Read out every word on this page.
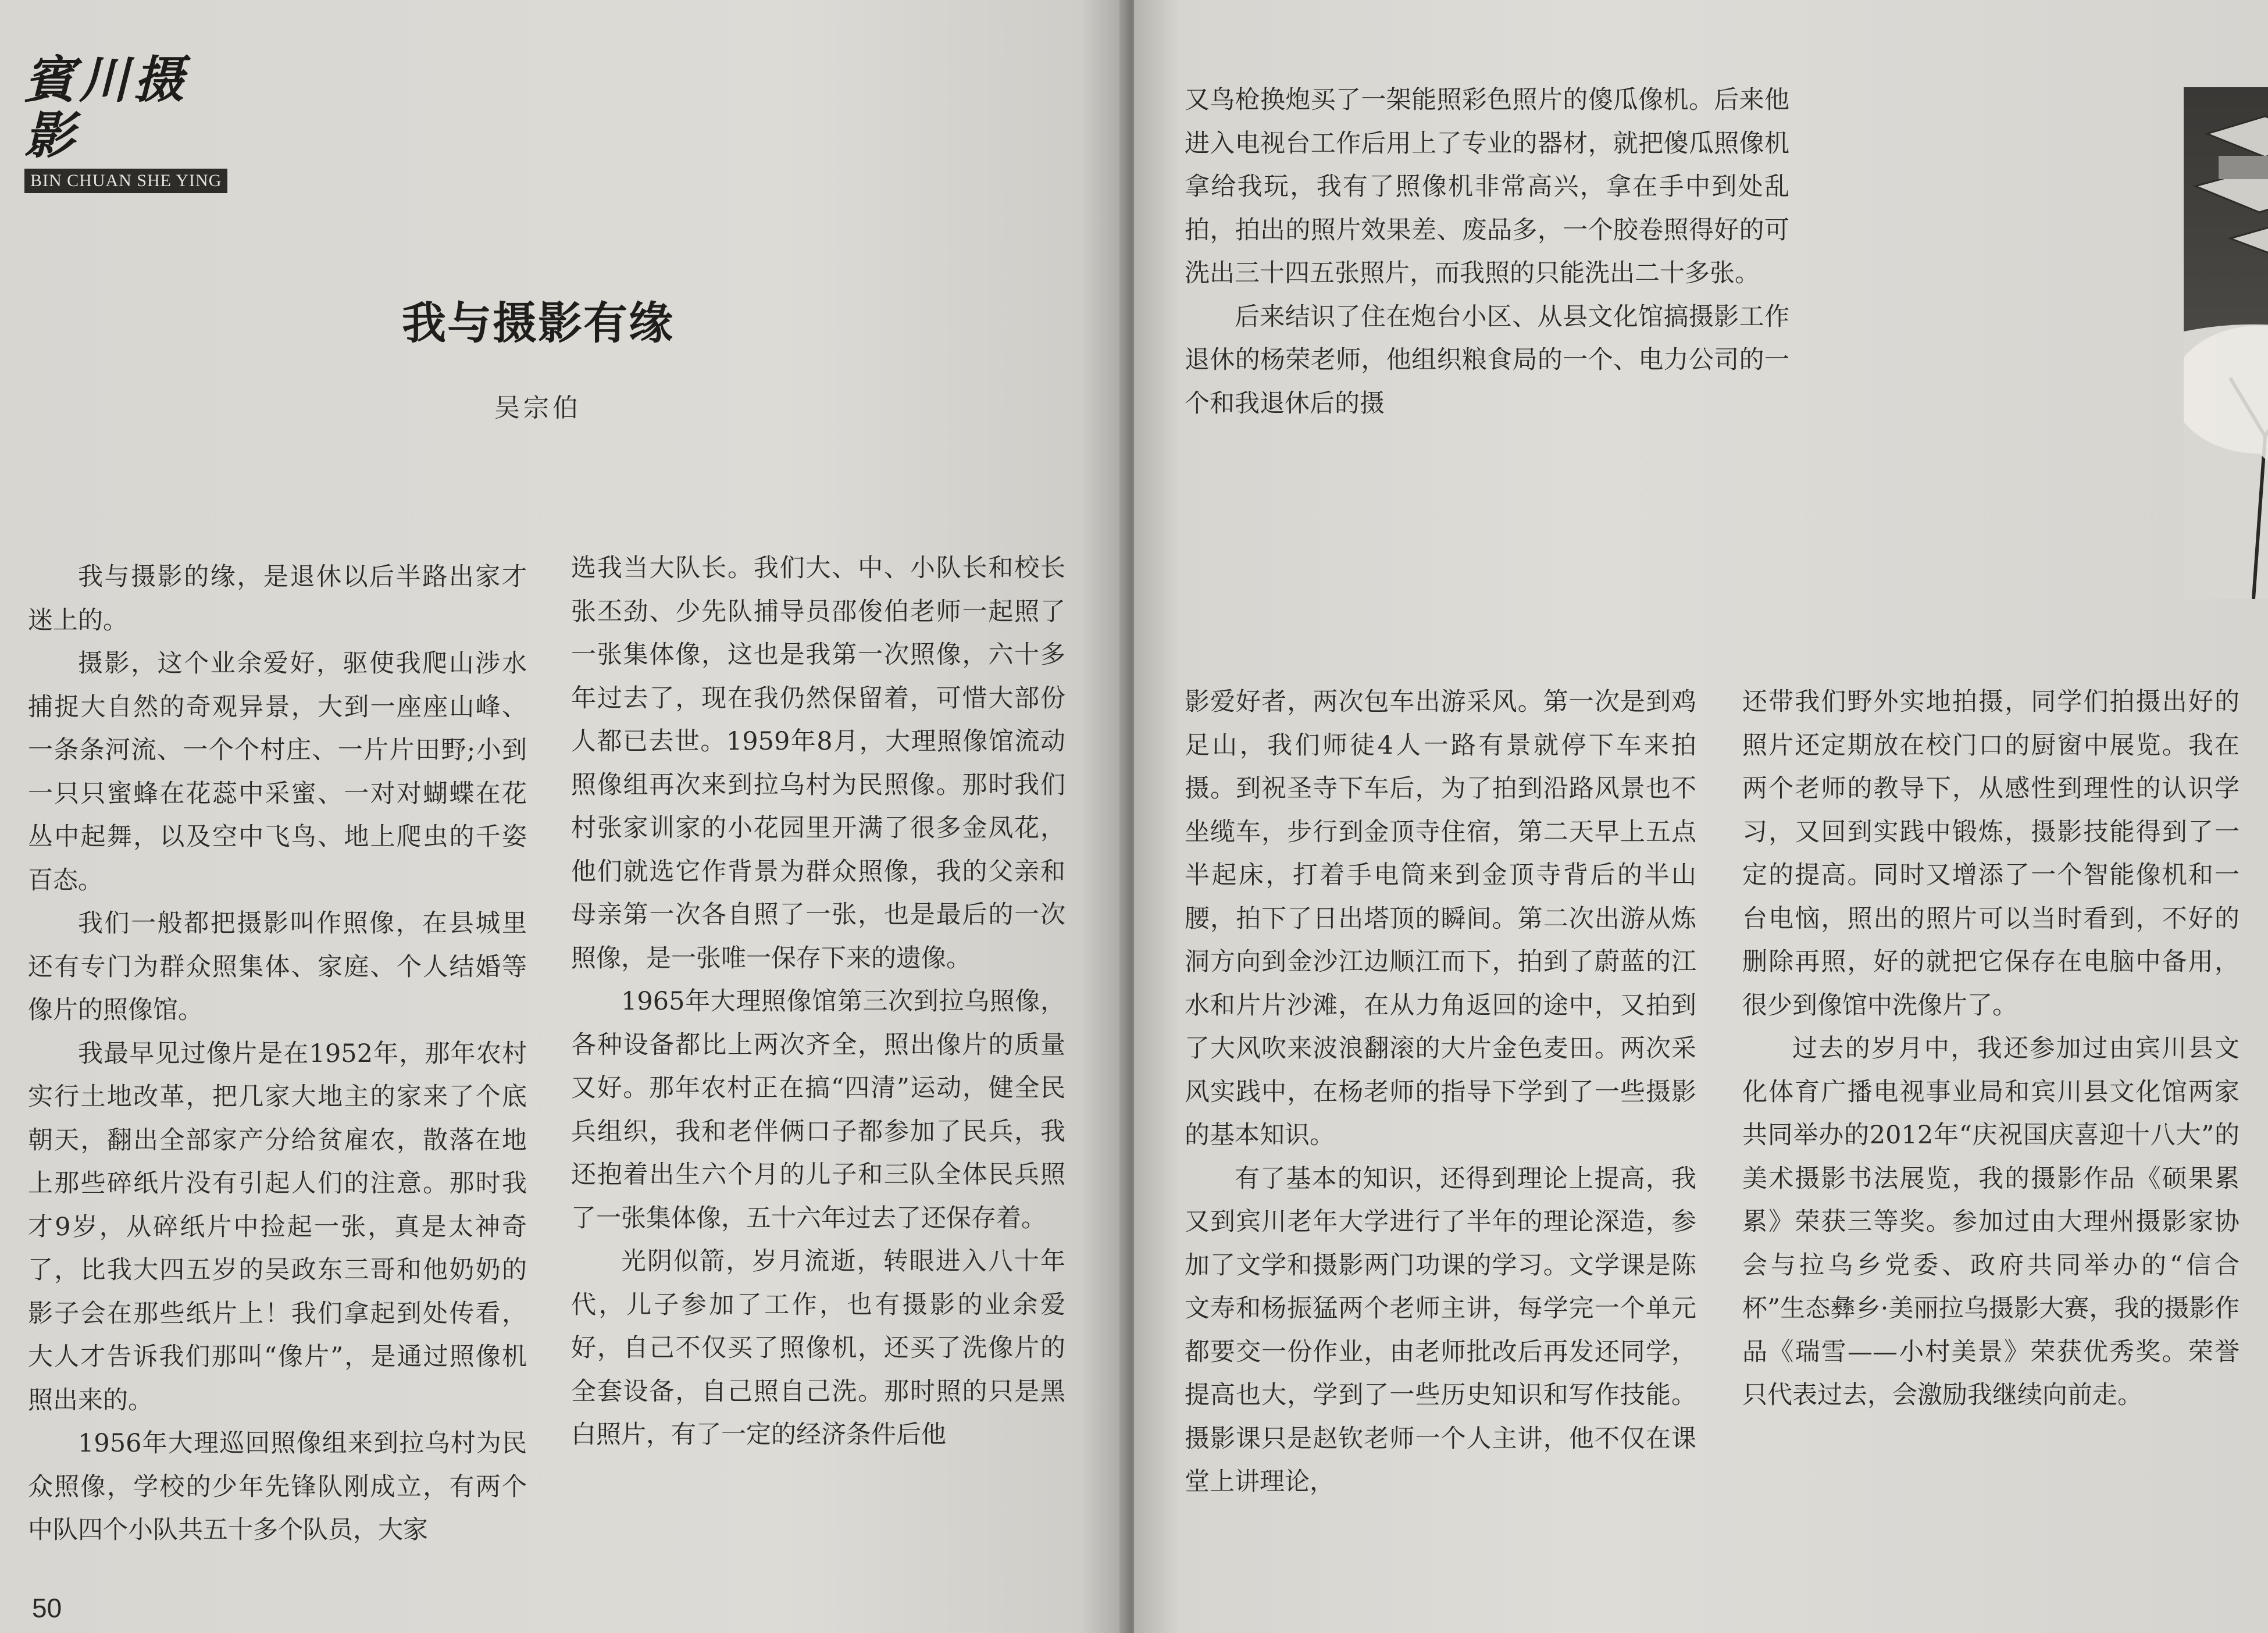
賓川摄影
BIN CHUAN SHE YING
我与摄影有缘
吴宗伯

我与摄影的缘，是退休以后半路出家才迷上的。

摄影，这个业余爱好，驱使我爬山涉水捕捉大自然的奇观异景，大到一座座山峰、一条条河流、一个个村庄、一片片田野;小到一只只蜜蜂在花蕊中采蜜、一对对蝴蝶在花丛中起舞，以及空中飞鸟、地上爬虫的千姿百态。

我们一般都把摄影叫作照像，在县城里还有专门为群众照集体、家庭、个人结婚等像片的照像馆。

我最早见过像片是在1952年，那年农村实行土地改革，把几家大地主的家来了个底朝天，翻出全部家产分给贫雇农，散落在地上那些碎纸片没有引起人们的注意。那时我才9岁，从碎纸片中捡起一张，真是太神奇了，比我大四五岁的吴政东三哥和他奶奶的影子会在那些纸片上！我们拿起到处传看，大人才告诉我们那叫“像片”，是通过照像机照出来的。

1956年大理巡回照像组来到拉乌村为民众照像，学校的少年先锋队刚成立，有两个中队四个小队共五十多个队员，大家

选我当大队长。我们大、中、小队长和校长张丕劲、少先队捕导员邵俊伯老师一起照了一张集体像，这也是我第一次照像，六十多年过去了，现在我仍然保留着，可惜大部份人都已去世。1959年8月，大理照像馆流动照像组再次来到拉乌村为民照像。那时我们村张家训家的小花园里开满了很多金凤花，他们就选它作背景为群众照像，我的父亲和母亲第一次各自照了一张，也是最后的一次照像，是一张唯一保存下来的遗像。

1965年大理照像馆第三次到拉乌照像，各种设备都比上两次齐全，照出像片的质量又好。那年农村正在搞“四清”运动，健全民兵组织，我和老伴俩口子都参加了民兵，我还抱着出生六个月的儿子和三队全体民兵照了一张集体像，五十六年过去了还保存着。

光阴似箭，岁月流逝，转眼进入八十年代，儿子参加了工作，也有摄影的业余爱好，自己不仅买了照像机，还买了洗像片的全套设备，自己照自己洗。那时照的只是黑白照片，有了一定的经济条件后他

50

又鸟枪换炮买了一架能照彩色照片的傻瓜像机。后来他进入电视台工作后用上了专业的器材，就把傻瓜照像机拿给我玩，我有了照像机非常高兴，拿在手中到处乱拍，拍出的照片效果差、废品多，一个胶卷照得好的可洗出三十四五张照片，而我照的只能洗出二十多张。

后来结识了住在炮台小区、从县文化馆搞摄影工作退休的杨荣老师，他组织粮食局的一个、电力公司的一个和我退休后的摄

影爱好者，两次包车出游采风。第一次是到鸡足山，我们师徒4人一路有景就停下车来拍摄。到祝圣寺下车后，为了拍到沿路风景也不坐缆车，步行到金顶寺住宿，第二天早上五点半起床，打着手电筒来到金顶寺背后的半山腰，拍下了日出塔顶的瞬间。第二次出游从炼洞方向到金沙江边顺江而下，拍到了蔚蓝的江水和片片沙滩，在从力角返回的途中，又拍到了大风吹来波浪翻滚的大片金色麦田。两次采风实践中，在杨老师的指导下学到了一些摄影的基本知识。

有了基本的知识，还得到理论上提高，我又到宾川老年大学进行了半年的理论深造，参加了文学和摄影两门功课的学习。文学课是陈文寿和杨振猛两个老师主讲，每学完一个单元都要交一份作业，由老师批改后再发还同学，提高也大，学到了一些历史知识和写作技能。摄影课只是赵钦老师一个人主讲，他不仅在课堂上讲理论，

还带我们野外实地拍摄，同学们拍摄出好的照片还定期放在校门口的厨窗中展览。我在两个老师的教导下，从感性到理性的认识学习，又回到实践中锻炼，摄影技能得到了一定的提高。同时又增添了一个智能像机和一台电恼，照出的照片可以当时看到，不好的删除再照，好的就把它保存在电脑中备用，很少到像馆中洗像片了。

过去的岁月中，我还参加过由宾川县文化体育广播电视事业局和宾川县文化馆两家共同举办的2012年“庆祝国庆喜迎十八大”的美术摄影书法展览，我的摄影作品《硕果累累》荣获三等奖。参加过由大理州摄影家协会与拉乌乡党委、政府共同举办的“信合杯”生态彝乡·美丽拉乌摄影大赛，我的摄影作品《瑞雪——小村美景》荣获优秀奖。荣誉只代表过去，会激励我继续向前走。
